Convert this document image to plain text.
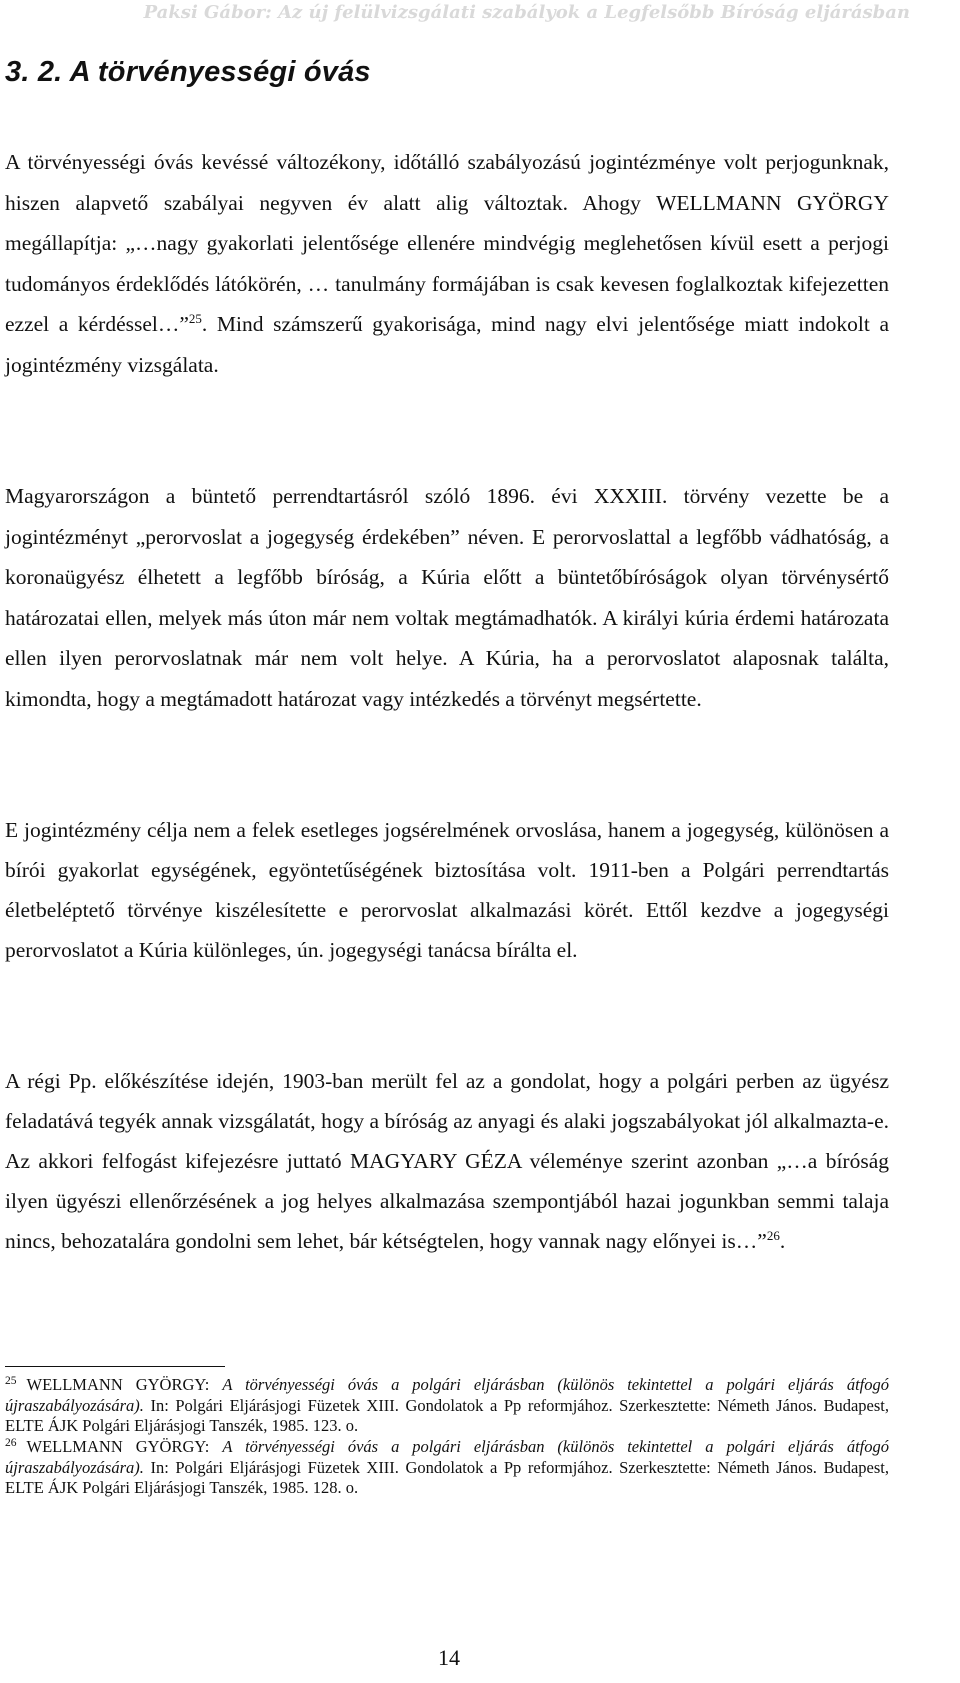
Paksi Gábor: Az új felülvizsgálati szabályok a Legfelsőbb Bíróság eljárásban
3. 2. A törvényességi óvás

A törvényességi óvás kevéssé változékony, időtálló szabályozású jogintézménye volt perjogunknak, hiszen alapvető szabályai negyven év alatt alig változtak. Ahogy WELLMANN GYÖRGY megállapítja: „…nagy gyakorlati jelentősége ellenére mindvégig meglehetősen kívül esett a perjogi tudományos érdeklődés látókörén, … tanulmány formájában is csak kevesen foglalkoztak kifejezetten ezzel a kérdéssel…”$^{25}$. Mind számszerű gyakorisága, mind nagy elvi jelentősége miatt indokolt a jogintézmény vizsgálata.

Magyarországon a büntető perrendtartásról szóló 1896. évi XXXIII. törvény vezette be a jogintézményt „perorvoslat a jogegység érdekében” néven. E perorvoslattal a legfőbb vádhatóság, a koronaügyész élhetett a legfőbb bíróság, a Kúria előtt a büntetőbíróságok olyan törvénysértő határozatai ellen, melyek más úton már nem voltak megtámadhatók. A királyi kúria érdemi határozata ellen ilyen perorvoslatnak már nem volt helye. A Kúria, ha a perorvoslatot alaposnak találta, kimondta, hogy a megtámadott határozat vagy intézkedés a törvényt megsértette.

E jogintézmény célja nem a felek esetleges jogsérelmének orvoslása, hanem a jogegység, különösen a bírói gyakorlat egységének, egyöntetűségének biztosítása volt. 1911-ben a Polgári perrendtartás életbeléptető törvénye kiszélesítette e perorvoslat alkalmazási körét. Ettől kezdve a jogegységi perorvoslatot a Kúria különleges, ún. jogegységi tanácsa bírálta el.

A régi Pp. előkészítése idején, 1903-ban merült fel az a gondolat, hogy a polgári perben az ügyész feladatává tegyék annak vizsgálatát, hogy a bíróság az anyagi és alaki jogszabályokat jól alkalmazta-e. Az akkori felfogást kifejezésre juttató MAGYARY GÉZA véleménye szerint azonban „…a bíróság ilyen ügyészi ellenőrzésének a jog helyes alkalmazása szempontjából hazai jogunkban semmi talaja nincs, behozatalára gondolni sem lehet, bár kétségtelen, hogy vannak nagy előnyei is…”$^{26}$.

$^{25}$ WELLMANN GYÖRGY: A törvényességi óvás a polgári eljárásban (különös tekintettel a polgári eljárás átfogó újraszabályozására). In: Polgári Eljárásjogi Füzetek XIII. Gondolatok a Pp reformjához. Szerkesztette: Németh János. Budapest, ELTE ÁJK Polgári Eljárásjogi Tanszék, 1985. 123. o.

$^{26}$ WELLMANN GYÖRGY: A törvényességi óvás a polgári eljárásban (különös tekintettel a polgári eljárás átfogó újraszabályozására). In: Polgári Eljárásjogi Füzetek XIII. Gondolatok a Pp reformjához. Szerkesztette: Németh János. Budapest, ELTE ÁJK Polgári Eljárásjogi Tanszék, 1985. 128. o.

14
